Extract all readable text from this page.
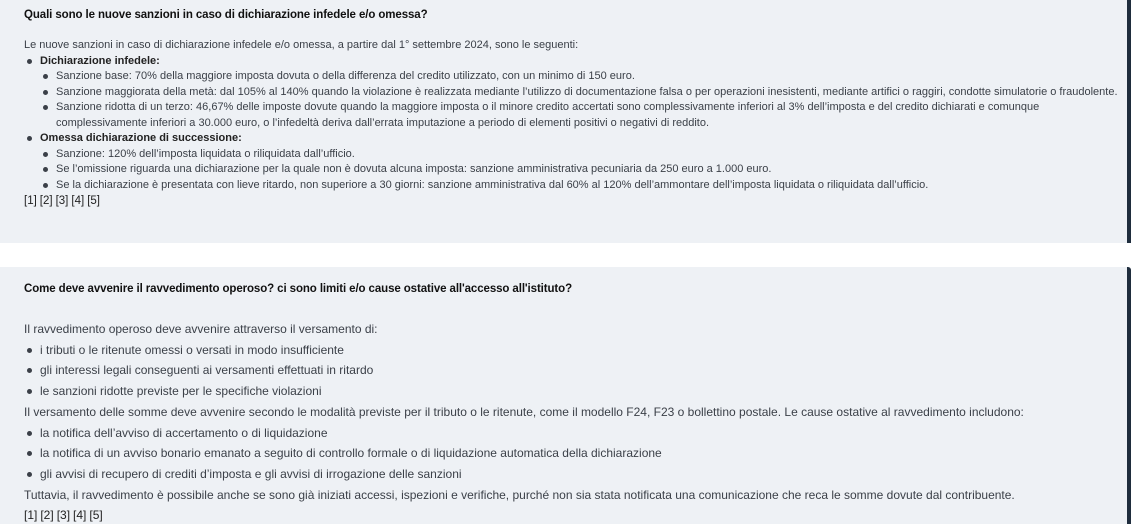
Quali sono le nuove sanzioni in caso di dichiarazione infedele e/o omessa?
Le nuove sanzioni in caso di dichiarazione infedele e/o omessa, a partire dal 1° settembre 2024, sono le seguenti:
Dichiarazione infedele:
Sanzione base: 70% della maggiore imposta dovuta o della differenza del credito utilizzato, con un minimo di 150 euro.
Sanzione maggiorata della metà: dal 105% al 140% quando la violazione è realizzata mediante l’utilizzo di documentazione falsa o per operazioni inesistenti, mediante artifici o raggiri, condotte simulatorie o fraudolente.
Sanzione ridotta di un terzo: 46,67% delle imposte dovute quando la maggiore imposta o il minore credito accertati sono complessivamente inferiori al 3% dell’imposta e del credito dichiarati e comunque complessivamente inferiori a 30.000 euro, o l’infedeltà deriva dall’errata imputazione a periodo di elementi positivi o negativi di reddito.
Omessa dichiarazione di successione:
Sanzione: 120% dell’imposta liquidata o riliquidata dall’ufficio.
Se l’omissione riguarda una dichiarazione per la quale non è dovuta alcuna imposta: sanzione amministrativa pecuniaria da 250 euro a 1.000 euro.
Se la dichiarazione è presentata con lieve ritardo, non superiore a 30 giorni: sanzione amministrativa dal 60% al 120% dell’ammontare dell’imposta liquidata o riliquidata dall’ufficio.
[1] [2] [3] [4] [5]
Come deve avvenire il ravvedimento operoso? ci sono limiti e/o cause ostative all'accesso all'istituto?
Il ravvedimento operoso deve avvenire attraverso il versamento di:
i tributi o le ritenute omessi o versati in modo insufficiente
gli interessi legali conseguenti ai versamenti effettuati in ritardo
le sanzioni ridotte previste per le specifiche violazioni
Il versamento delle somme deve avvenire secondo le modalità previste per il tributo o le ritenute, come il modello F24, F23 o bollettino postale. Le cause ostative al ravvedimento includono:
la notifica dell’avviso di accertamento o di liquidazione
la notifica di un avviso bonario emanato a seguito di controllo formale o di liquidazione automatica della dichiarazione
gli avvisi di recupero di crediti d’imposta e gli avvisi di irrogazione delle sanzioni
Tuttavia, il ravvedimento è possibile anche se sono già iniziati accessi, ispezioni e verifiche, purché non sia stata notificata una comunicazione che reca le somme dovute dal contribuente.
[1] [2] [3] [4] [5]
